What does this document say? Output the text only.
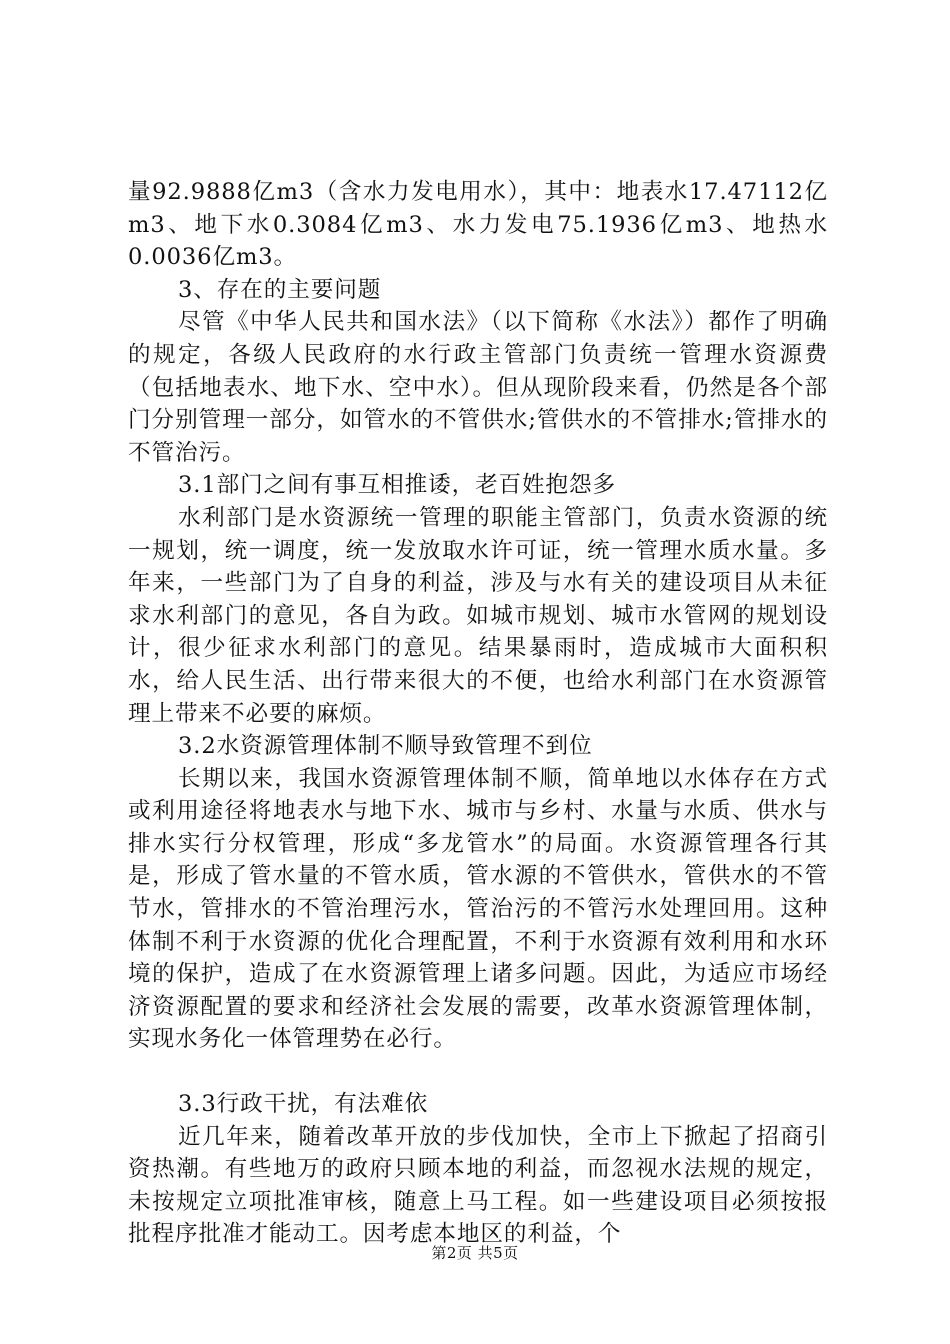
量92.9888亿m3（含水力发电用水），其中：地表水17.47112亿m3、地下水0.3084亿m3、水力发电75.1936亿m3、地热水0.0036亿m3。

3、存在的主要问题

尽管《中华人民共和国水法》（以下简称《水法》）都作了明确的规定，各级人民政府的水行政主管部门负责统一管理水资源费（包括地表水、地下水、空中水）。但从现阶段来看，仍然是各个部门分别管理一部分，如管水的不管供水;管供水的不管排水;管排水的不管治污。

3.1部门之间有事互相推诿，老百姓抱怨多

水利部门是水资源统一管理的职能主管部门，负责水资源的统一规划，统一调度，统一发放取水许可证，统一管理水质水量。多年来，一些部门为了自身的利益，涉及与水有关的建设项目从未征求水利部门的意见，各自为政。如城市规划、城市水管网的规划设计，很少征求水利部门的意见。结果暴雨时，造成城市大面积积水，给人民生活、出行带来很大的不便，也给水利部门在水资源管理上带来不必要的麻烦。

3.2水资源管理体制不顺导致管理不到位

长期以来，我国水资源管理体制不顺，简单地以水体存在方式或利用途径将地表水与地下水、城市与乡村、水量与水质、供水与排水实行分权管理，形成“多龙管水”的局面。水资源管理各行其是，形成了管水量的不管水质，管水源的不管供水，管供水的不管节水，管排水的不管治理污水，管治污的不管污水处理回用。这种体制不利于水资源的优化合理配置，不利于水资源有效利用和水环境的保护，造成了在水资源管理上诸多问题。因此，为适应市场经济资源配置的要求和经济社会发展的需要，改革水资源管理体制，实现水务化一体管理势在必行。

3.3行政干扰，有法难依

近几年来，随着改革开放的步伐加快，全市上下掀起了招商引资热潮。有些地万的政府只顾本地的利益，而忽视水法规的规定，未按规定立项批准审核，随意上马工程。如一些建设项目必须按报批程序批准才能动工。因考虑本地区的利益，个

第2页 共5页
